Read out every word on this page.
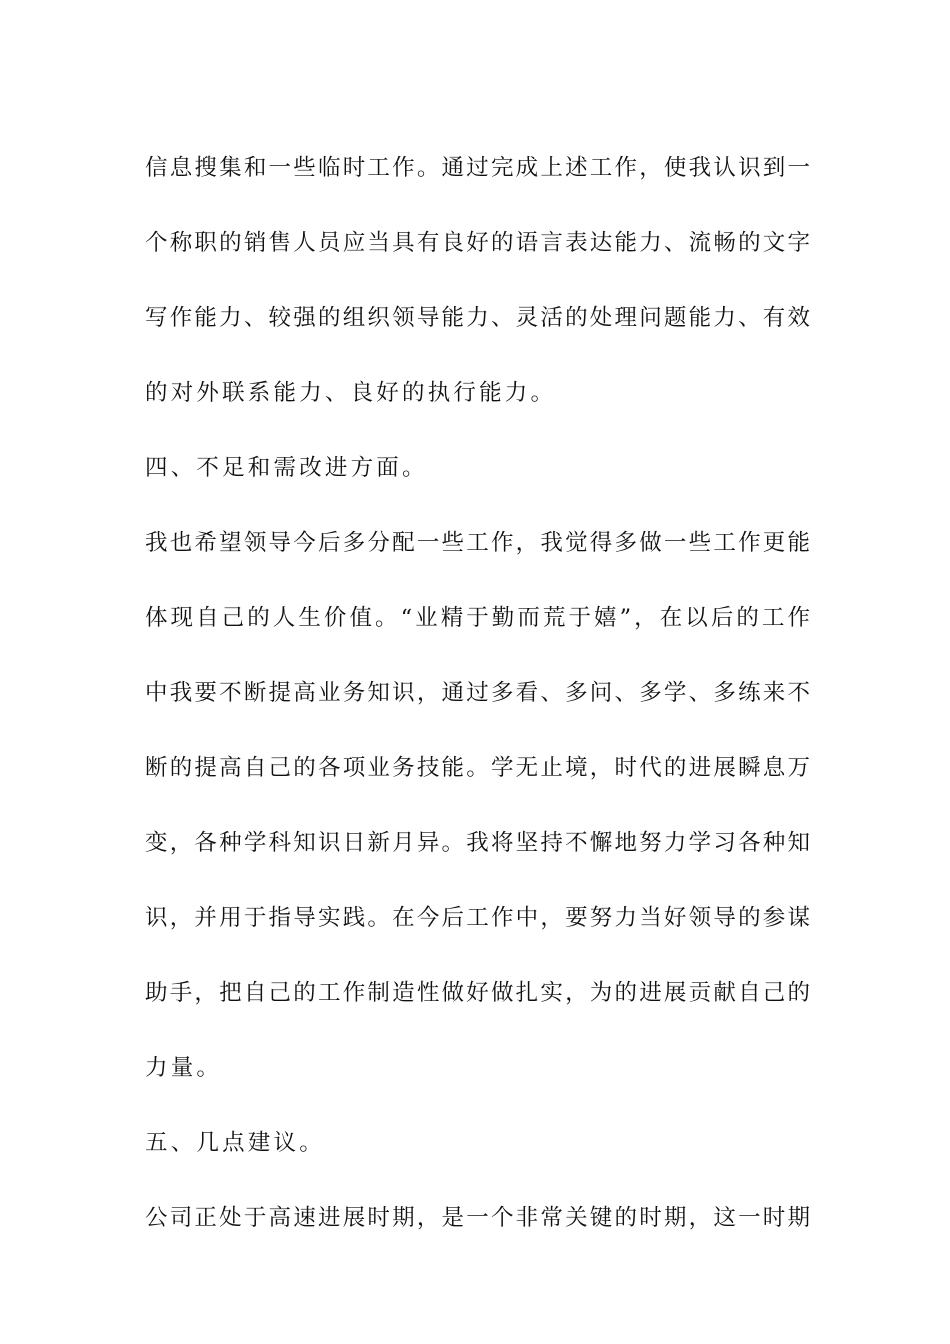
信息搜集和一些临时工作。通过完成上述工作，使我认识到一
个称职的销售人员应当具有良好的语言表达能力、流畅的文字
写作能力、较强的组织领导能力、灵活的处理问题能力、有效
的对外联系能力、良好的执行能力。
四、不足和需改进方面。
我也希望领导今后多分配一些工作，我觉得多做一些工作更能
体现自己的人生价值。“业精于勤而荒于嬉”，在以后的工作
中我要不断提高业务知识，通过多看、多问、多学、多练来不
断的提高自己的各项业务技能。学无止境，时代的进展瞬息万
变，各种学科知识日新月异。我将坚持不懈地努力学习各种知
识，并用于指导实践。在今后工作中，要努力当好领导的参谋
助手，把自己的工作制造性做好做扎实，为的进展贡献自己的
力量。
五、几点建议。
公司正处于高速进展时期，是一个非常关键的时期，这一时期
